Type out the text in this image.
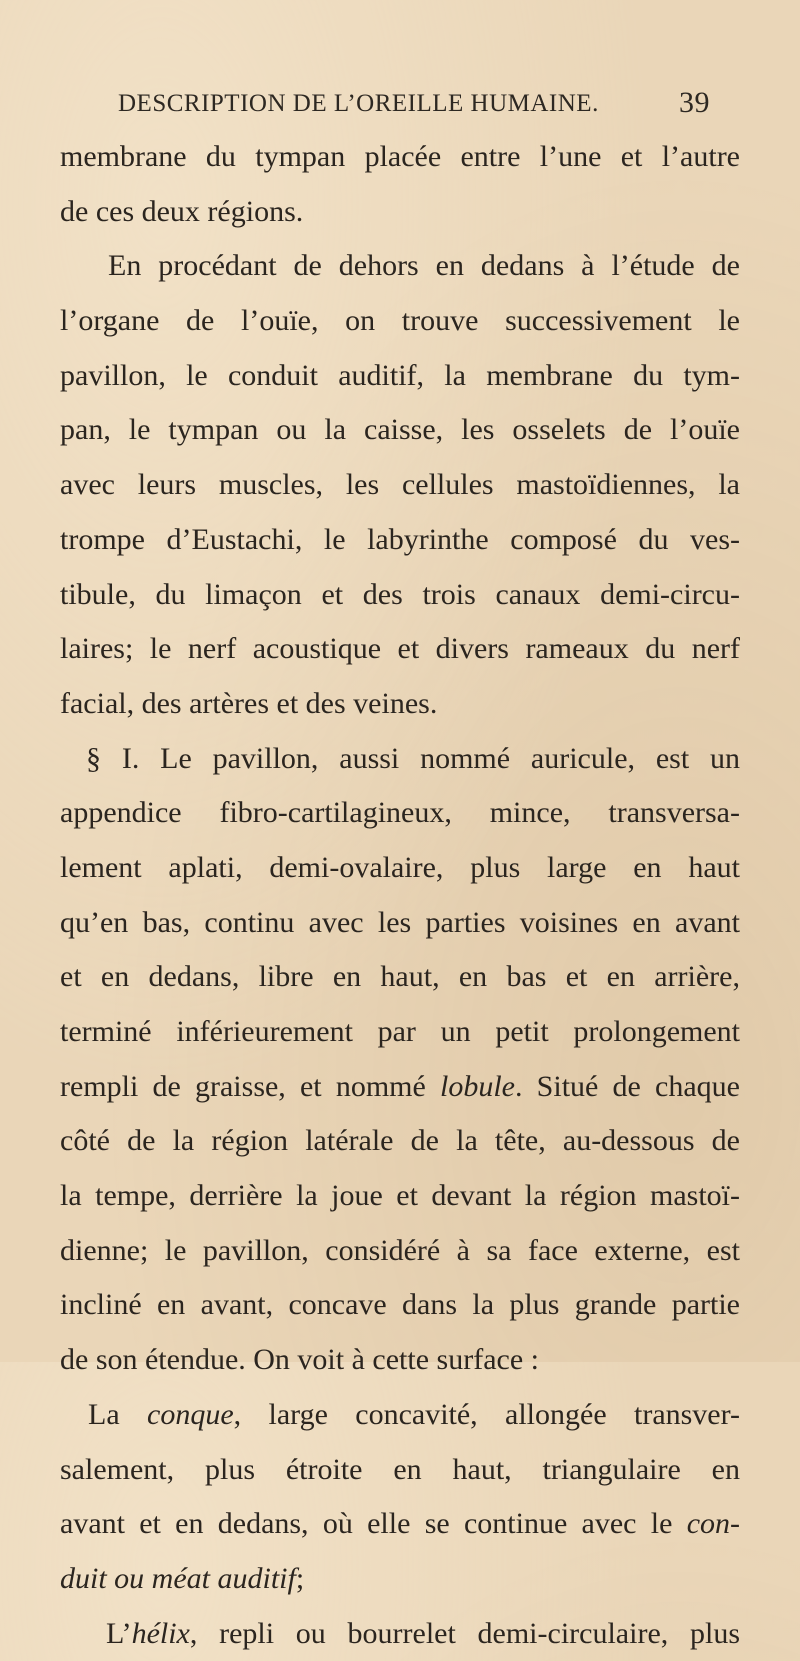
DESCRIPTION DE L’OREILLE HUMAINE.	39
membrane du tympan placée entre l’une et l’autre
de ces deux régions.
En procédant de dehors en dedans à l’étude de
l’organe de l’ouïe, on trouve successivement le
pavillon, le conduit auditif, la membrane du tym-
pan, le tympan ou la caisse, les osselets de l’ouïe
avec leurs muscles, les cellules mastoïdiennes, la
trompe d’Eustachi, le labyrinthe composé du ves-
tibule, du limaçon et des trois canaux demi-circu-
laires; le nerf acoustique et divers rameaux du nerf
facial, des artères et des veines.
§ I. Le pavillon, aussi nommé auricule, est un
appendice fibro-cartilagineux, mince, transversa-
lement aplati, demi-ovalaire, plus large en haut
qu’en bas, continu avec les parties voisines en avant
et en dedans, libre en haut, en bas et en arrière,
terminé inférieurement par un petit prolongement
rempli de graisse, et nommé lobule. Situé de chaque
côté de la région latérale de la tête, au-dessous de
la tempe, derrière la joue et devant la région mastoï-
dienne; le pavillon, considéré à sa face externe, est
incliné en avant, concave dans la plus grande partie
de son étendue. On voit à cette surface :
La conque, large concavité, allongée transver-
salement, plus étroite en haut, triangulaire en
avant et en dedans, où elle se continue avec le con-
duit ou méat auditif;
L’hélix, repli ou bourrelet demi-circulaire, plus
